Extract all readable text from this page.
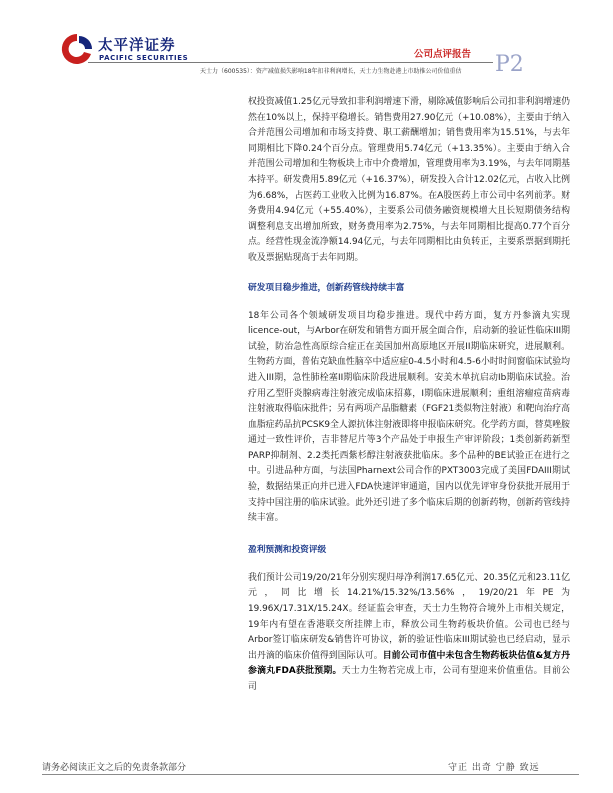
太平洋证券
PACIFIC SECURITIES	公司点评报告 P2
天士力（600535）：资产减值损失影响18年扣非利润增长，天士力生物赴港上市助推公司价值重估

权投资减值1.25亿元导致扣非利润增速下滑，剔除减值影响后公司扣非利润增速仍然在10%以上，保持平稳增长。销售费用27.90亿元（+10.08%），主要由于纳入合并范围公司增加和市场支持费、职工薪酬增加；销售费用率为15.51%，与去年同期相比下降0.24个百分点。管理费用5.74亿元（+13.35%）。主要由于纳入合并范围公司增加和生物板块上市中介费增加，管理费用率为3.19%，与去年同期基本持平。研发费用5.89亿元（+16.37%），研发投入合计12.02亿元，占收入比例为6.68%，占医药工业收入比例为16.87%。在A股医药上市公司中名列前茅。财务费用4.94亿元（+55.40%），主要系公司债务融资规模增大且长短期债务结构调整利息支出增加所致，财务费用率为2.75%，与去年同期相比提高0.77个百分点。经营性现金流净额14.94亿元，与去年同期相比由负转正，主要系票据到期托收及票据贴现高于去年同期。

研发项目稳步推进，创新药管线持续丰富

18年公司各个领域研发项目均稳步推进。现代中药方面，复方丹参滴丸实现licence-out，与Arbor在研发和销售方面开展全面合作，启动新的验证性临床III期试验，防治急性高原综合症正在美国加州高原地区开展II期临床研究，进展顺利。生物药方面，普佑克缺血性脑卒中适应症0-4.5小时和4.5-6小时时间窗临床试验均进入III期，急性肺栓塞II期临床阶段进展顺利。安美木单抗启动Ib期临床试验。治疗用乙型肝炎腺病毒注射液完成临床招募，I期临床进展顺利；重组溶瘤痘苗病毒注射液取得临床批件；另有两项产品脂糖素（FGF21类似物注射液）和靶向治疗高血脂症药品抗PCSK9全人源抗体注射液即将申报临床研究。化学药方面，替莫唑胺通过一致性评价，吉非替尼片等3个产品处于申报生产审评阶段；1类创新药新型PARP抑制剂、2.2类托西紫杉醇注射液获批临床。多个品种的BE试验正在进行之中。引进品种方面，与法国Pharnext公司合作的PXT3003完成了美国FDAIII期试验，数据结果正向并已进入FDA快速评审通道，国内以优先评审身份获批开展用于支持中国注册的临床试验。此外还引进了多个临床后期的创新药物，创新药管线持续丰富。

盈利预测和投资评级

我们预计公司19/20/21年分别实现归母净利润17.65亿元、20.35亿元和23.11亿元，同比增长14.21%/15.32%/13.56%，19/20/21年PE为19.96X/17.31X/15.24X。经证监会审查，天士力生物符合境外上市相关规定，19年内有望在香港联交所挂牌上市，释放公司生物药板块价值。公司也已经与Arbor签订临床研发&销售许可协议，新的验证性临床III期试验也已经启动，显示出丹滴的临床价值得到国际认可。目前公司市值中未包含生物药板块估值&复方丹参滴丸FDA获批预期。天士力生物若完成上市，公司有望迎来价值重估。目前公司

请务必阅读正文之后的免责条款部分	守正 出奇 宁静 致远
